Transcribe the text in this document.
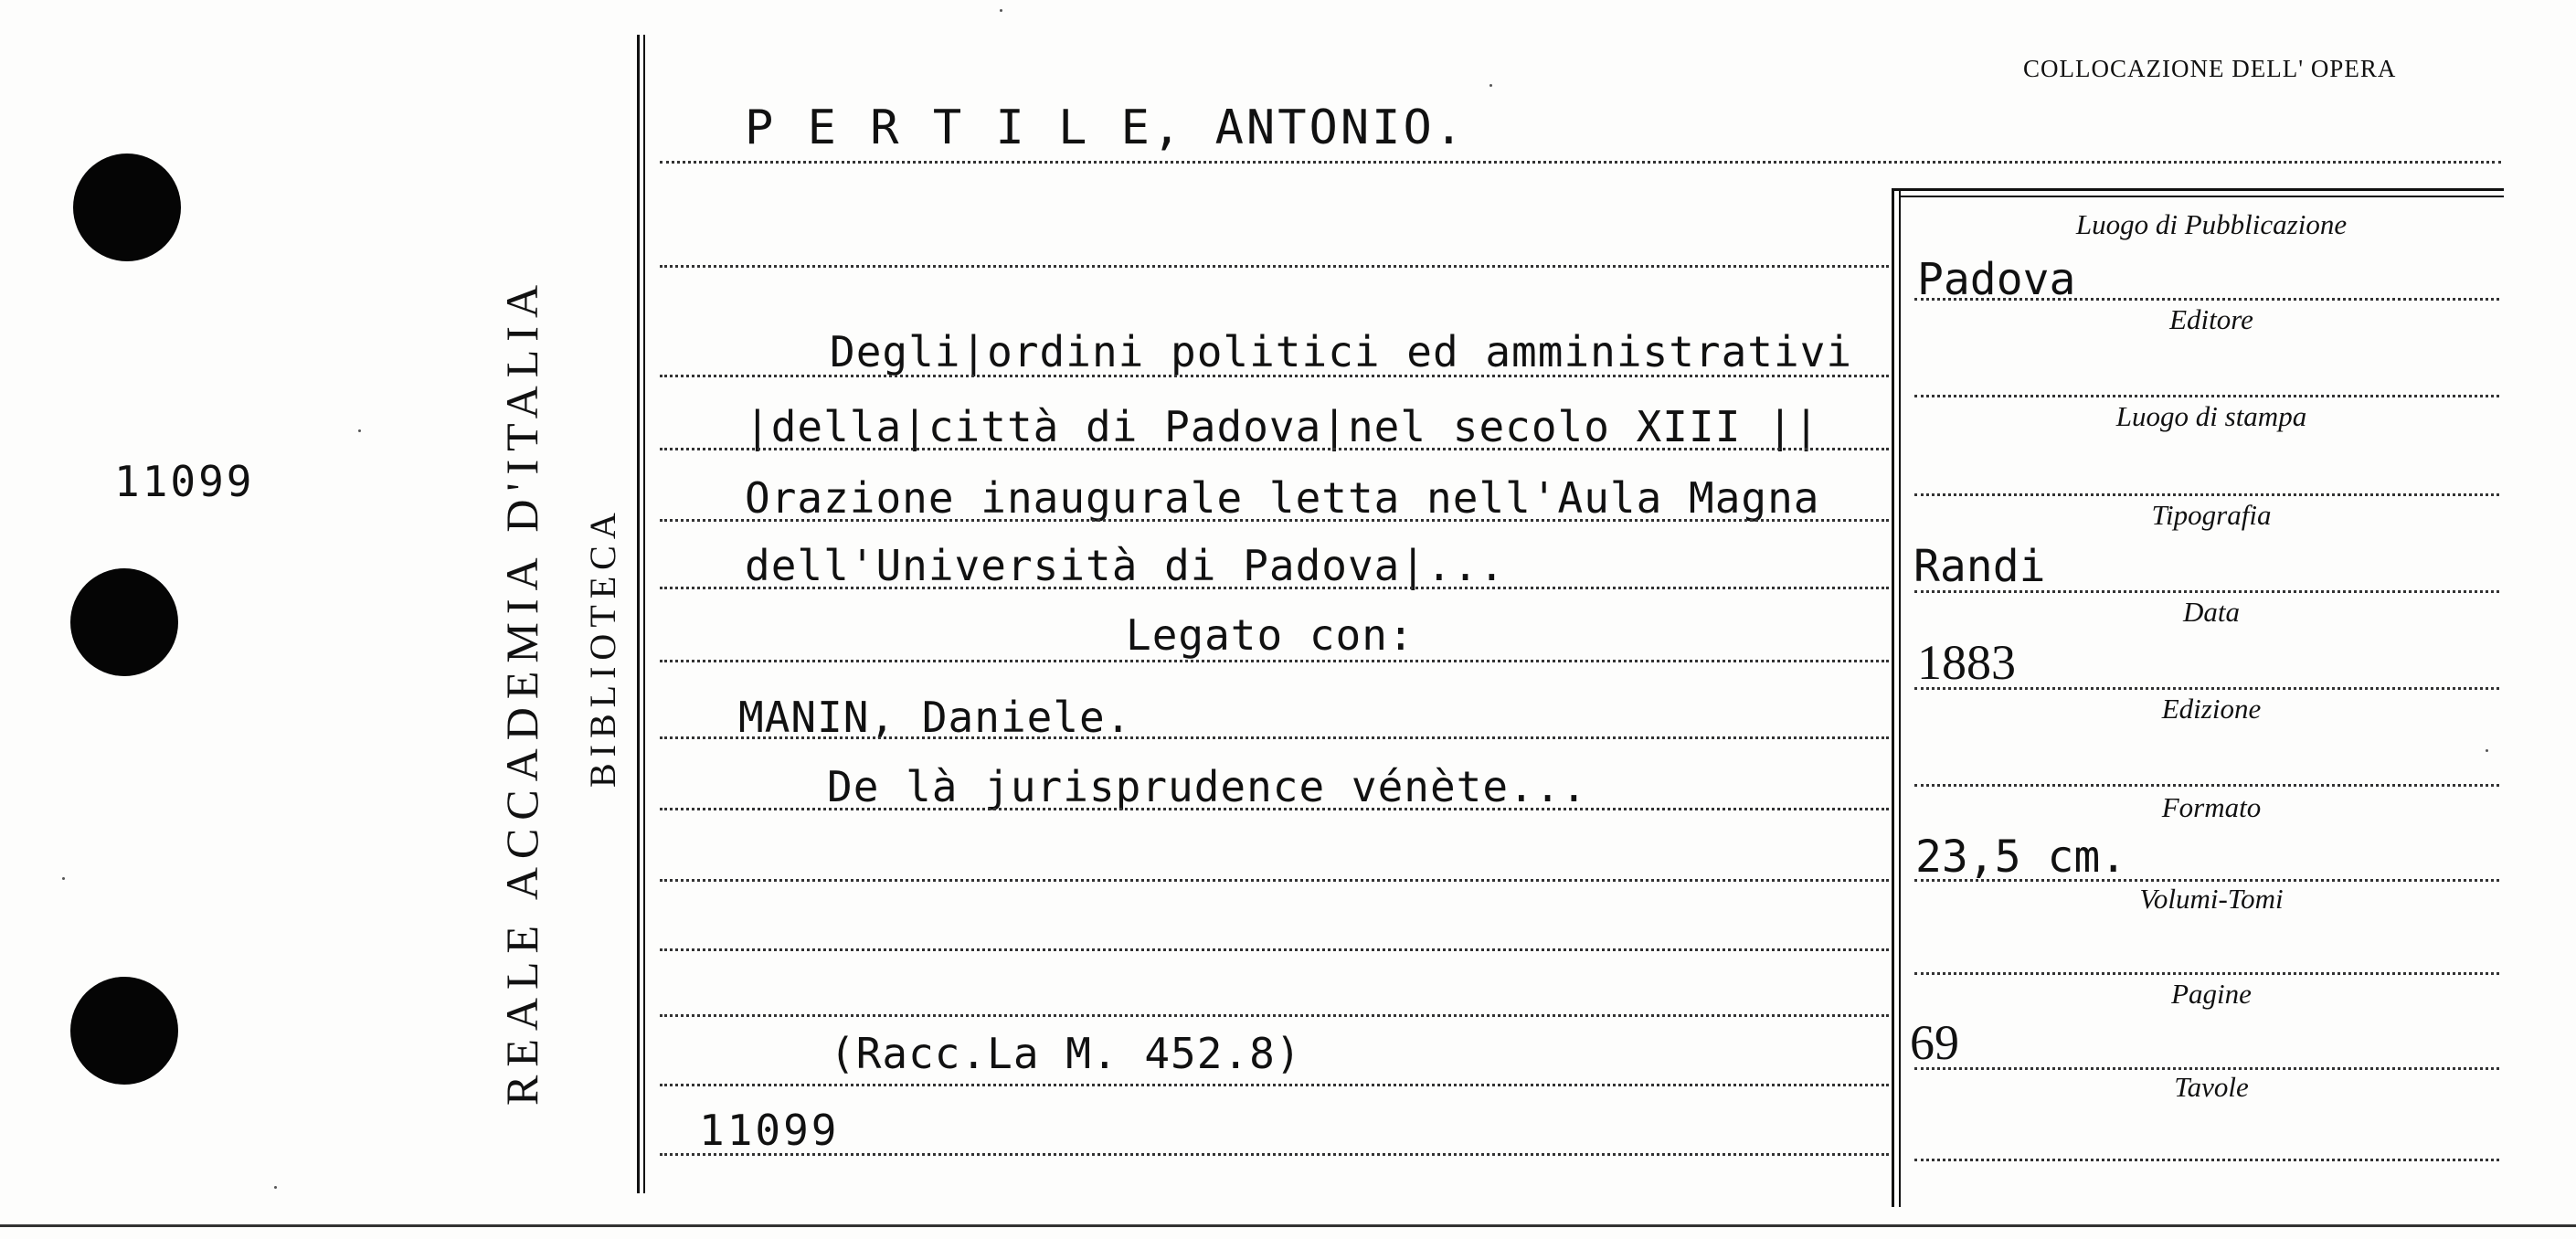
11099	REALE ACCADEMIA D'ITALIA BIBLIOTECA
COLLOCAZIONE DELL' OPERA
P E R T I L E, ANTONIO.
Degli|ordini politici ed amministrativi
|della|città di Padova|nel secolo XIII ||
Orazione inaugurale letta nell'Aula Magna
dell'Università di Padova|...
Legato con:
MANIN, Daniele.
De là jurisprudence vénète...
(Racc.La M. 452.8)
11099
Luogo di Pubblicazione
Padova
Editore
Luogo di stampa
Tipografia
Randi
Data
1883
Edizione
Formato
23,5 cm.
Volumi-Tomi
Pagine
69
Tavole
